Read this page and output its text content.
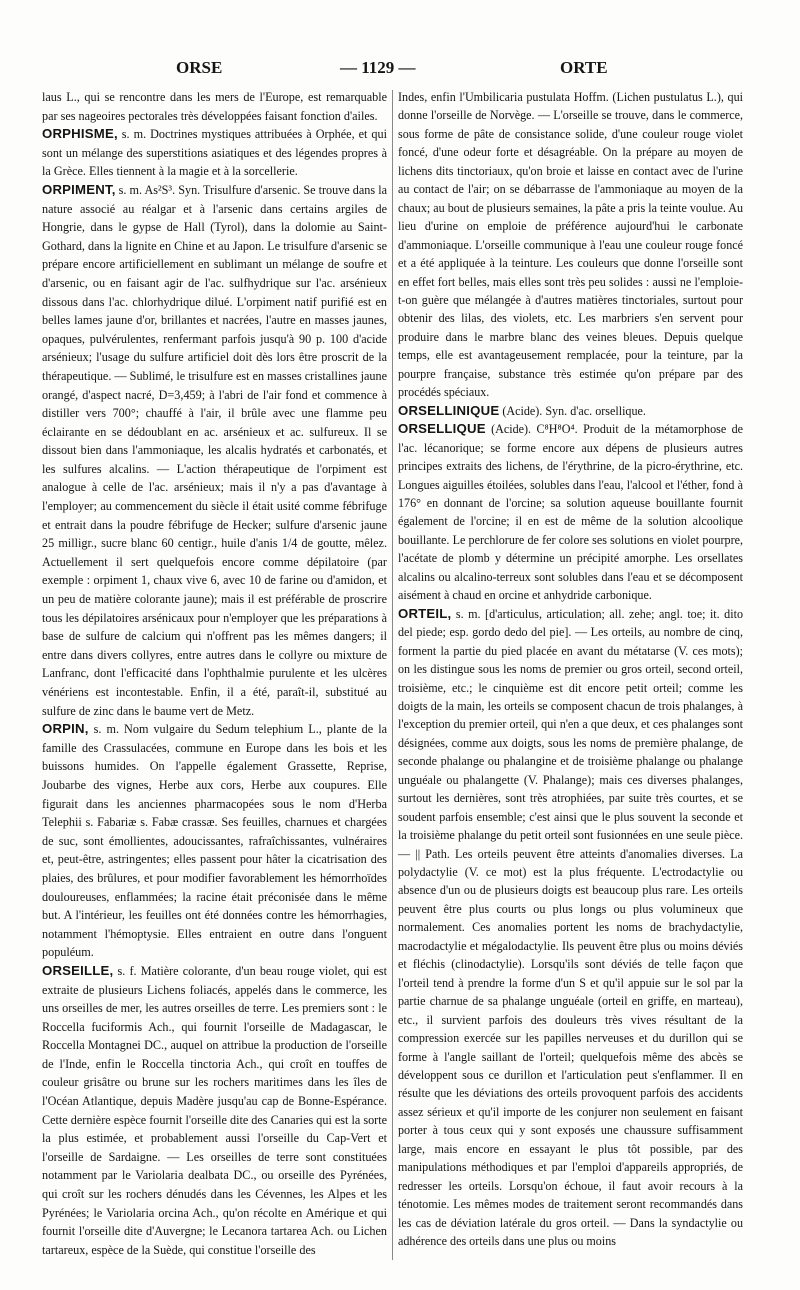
ORSE	— 1129 —	ORTE

laus L., qui se rencontre dans les mers de l'Europe, est remarquable par ses nageoires pectorales très développées faisant fonction d'ailes.

ORPHISME, s. m. Doctrines mystiques attribuées à Orphée, et qui sont un mélange des superstitions asiatiques et des légendes propres à la Grèce. Elles tiennent à la magie et à la sorcellerie.

ORPIMENT, s. m. As²S³. Syn. Trisulfure d'arsenic. Se trouve dans la nature associé au réalgar et à l'arsenic dans certains argiles de Hongrie, dans le gypse de Hall (Tyrol), dans la dolomie au Saint-Gothard, dans la lignite en Chine et au Japon. Le trisulfure d'arsenic se prépare encore artificiellement en sublimant un mélange de soufre et d'arsenic, ou en faisant agir de l'ac. sulfhydrique sur l'ac. arsénieux dissous dans l'ac. chlorhydrique dilué. L'orpiment natif purifié est en belles lames jaune d'or, brillantes et nacrées, l'autre en masses jaunes, opaques, pulvérulentes, renfermant parfois jusqu'à 90 p. 100 d'acide arsénieux; l'usage du sulfure artificiel doit dès lors être proscrit de la thérapeutique. — Sublimé, le trisulfure est en masses cristallines jaune orangé, d'aspect nacré, D=3,459; à l'abri de l'air fond et commence à distiller vers 700°; chauffé à l'air, il brûle avec une flamme peu éclairante en se dédoublant en ac. arsénieux et ac. sulfureux. Il se dissout bien dans l'ammoniaque, les alcalis hydratés et carbonatés, et les sulfures alcalins. — L'action thérapeutique de l'orpiment est analogue à celle de l'ac. arsénieux; mais il n'y a pas d'avantage à l'employer; au commencement du siècle il était usité comme fébrifuge et entrait dans la poudre fébrifuge de Hecker; sulfure d'arsenic jaune 25 milligr., sucre blanc 60 centigr., huile d'anis 1/4 de goutte, mêlez. Actuellement il sert quelquefois encore comme dépilatoire (par exemple : orpiment 1, chaux vive 6, avec 10 de farine ou d'amidon, et un peu de matière colorante jaune); mais il est préférable de proscrire tous les dépilatoires arsénicaux pour n'employer que les préparations à base de sulfure de calcium qui n'offrent pas les mêmes dangers; il entre dans divers collyres, entre autres dans le collyre ou mixture de Lanfranc, dont l'efficacité dans l'ophthalmie purulente et les ulcères vénériens est incontestable. Enfin, il a été, paraît-il, substitué au sulfure de zinc dans le baume vert de Metz.

ORPIN, s. m. Nom vulgaire du Sedum telephium L., plante de la famille des Crassulacées, commune en Europe dans les bois et les buissons humides. On l'appelle également Grassette, Reprise, Joubarbe des vignes, Herbe aux cors, Herbe aux coupures. Elle figurait dans les anciennes pharmacopées sous le nom d'Herba Telephii s. Fabariæ s. Fabæ crassæ. Ses feuilles, charnues et chargées de suc, sont émollientes, adoucissantes, rafraîchissantes, vulnéraires et, peut-être, astringentes; elles passent pour hâter la cicatrisation des plaies, des brûlures, et pour modifier favorablement les hémorrhoïdes douloureuses, enflammées; la racine était préconisée dans le même but. A l'intérieur, les feuilles ont été données contre les hémorrhagies, notamment l'hémoptysie. Elles entraient en outre dans l'onguent populéum.

ORSEILLE, s. f. Matière colorante, d'un beau rouge violet, qui est extraite de plusieurs Lichens foliacés, appelés dans le commerce, les uns orseilles de mer, les autres orseilles de terre. Les premiers sont : le Roccella fuciformis Ach., qui fournit l'orseille de Madagascar, le Roccella Montagnei DC., auquel on attribue la production de l'orseille de l'Inde, enfin le Roccella tinctoria Ach., qui croît en touffes de couleur grisâtre ou brune sur les rochers maritimes dans les îles de l'Océan Atlantique, depuis Madère jusqu'au cap de Bonne-Espérance. Cette dernière espèce fournit l'orseille dite des Canaries qui est la sorte la plus estimée, et probablement aussi l'orseille du Cap-Vert et l'orseille de Sardaigne. — Les orseilles de terre sont constituées notamment par le Variolaria dealbata DC., ou orseille des Pyrénées, qui croît sur les rochers dénudés dans les Cévennes, les Alpes et les Pyrénées; le Variolaria orcina Ach., qu'on récolte en Amérique et qui fournit l'orseille dite d'Auvergne; le Lecanora tartarea Ach. ou Lichen tartareux, espèce de la Suède, qui constitue l'orseille des

Indes, enfin l'Umbilicaria pustulata Hoffm. (Lichen pustulatus L.), qui donne l'orseille de Norvège. — L'orseille se trouve, dans le commerce, sous forme de pâte de consistance solide, d'une couleur rouge violet foncé, d'une odeur forte et désagréable. On la prépare au moyen de lichens dits tinctoriaux, qu'on broie et laisse en contact avec de l'urine au contact de l'air; on se débarrasse de l'ammoniaque au moyen de la chaux; au bout de plusieurs semaines, la pâte a pris la teinte voulue. Au lieu d'urine on emploie de préférence aujourd'hui le carbonate d'ammoniaque. L'orseille communique à l'eau une couleur rouge foncé et a été appliquée à la teinture. Les couleurs que donne l'orseille sont en effet fort belles, mais elles sont très peu solides : aussi ne l'emploie-t-on guère que mélangée à d'autres matières tinctoriales, surtout pour obtenir des lilas, des violets, etc. Les marbriers s'en servent pour produire dans le marbre blanc des veines bleues. Depuis quelque temps, elle est avantageusement remplacée, pour la teinture, par la pourpre française, substance très estimée qu'on prépare par des procédés spéciaux.

ORSELLINIQUE (Acide). Syn. d'ac. orsellique.

ORSELLIQUE (Acide). C⁸H⁸O⁴. Produit de la métamorphose de l'ac. lécanorique; se forme encore aux dépens de plusieurs autres principes extraits des lichens, de l'érythrine, de la picro-érythrine, etc. Longues aiguilles étoilées, solubles dans l'eau, l'alcool et l'éther, fond à 176° en donnant de l'orcine; sa solution aqueuse bouillante fournit également de l'orcine; il en est de même de la solution alcoolique bouillante. Le perchlorure de fer colore ses solutions en violet pourpre, l'acétate de plomb y détermine un précipité amorphe. Les orsellates alcalins ou alcalino-terreux sont solubles dans l'eau et se décomposent aisément à chaud en orcine et anhydride carbonique.

ORTEIL, s. m. [d'articulus, articulation; all. zehe; angl. toe; it. dito del piede; esp. gordo dedo del pie]. — Les orteils, au nombre de cinq, forment la partie du pied placée en avant du métatarse (V. ces mots); on les distingue sous les noms de premier ou gros orteil, second orteil, troisième, etc.; le cinquième est dit encore petit orteil; comme les doigts de la main, les orteils se composent chacun de trois phalanges, à l'exception du premier orteil, qui n'en a que deux, et ces phalanges sont désignées, comme aux doigts, sous les noms de première phalange, de seconde phalange ou phalangine et de troisième phalange ou phalange unguéale ou phalangette (V. Phalange); mais ces diverses phalanges, surtout les dernières, sont très atrophiées, par suite très courtes, et se soudent parfois ensemble; c'est ainsi que le plus souvent la seconde et la troisième phalange du petit orteil sont fusionnées en une seule pièce. — || Path. Les orteils peuvent être atteints d'anomalies diverses. La polydactylie (V. ce mot) est la plus fréquente. L'ectrodactylie ou absence d'un ou de plusieurs doigts est beaucoup plus rare. Les orteils peuvent être plus courts ou plus longs ou plus volumineux que normalement. Ces anomalies portent les noms de brachydactylie, macrodactylie et mégalodactylie. Ils peuvent être plus ou moins déviés et fléchis (clinodactylie). Lorsqu'ils sont déviés de telle façon que l'orteil tend à prendre la forme d'un S et qu'il appuie sur le sol par la partie charnue de sa phalange unguéale (orteil en griffe, en marteau), etc., il survient parfois des douleurs très vives résultant de la compression exercée sur les papilles nerveuses et du durillon qui se forme à l'angle saillant de l'orteil; quelquefois même des abcès se développent sous ce durillon et l'articulation peut s'enflammer. Il en résulte que les déviations des orteils provoquent parfois des accidents assez sérieux et qu'il importe de les conjurer non seulement en faisant porter à tous ceux qui y sont exposés une chaussure suffisamment large, mais encore en essayant le plus tôt possible, par des manipulations méthodiques et par l'emploi d'appareils appropriés, de redresser les orteils. Lorsqu'on échoue, il faut avoir recours à la ténotomie. Les mêmes modes de traitement seront recommandés dans les cas de déviation latérale du gros orteil. — Dans la syndactylie ou adhérence des orteils dans une plus ou moins
